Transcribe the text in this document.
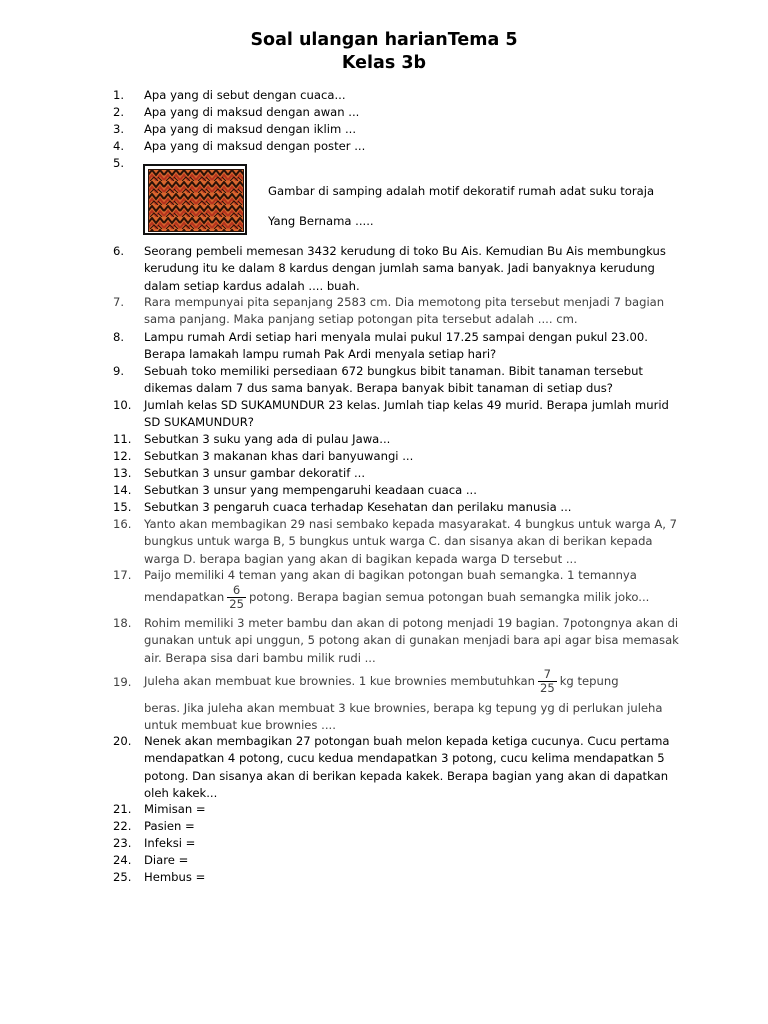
Soal ulangan harianTema 5
Kelas 3b
1. Apa yang di sebut dengan cuaca...
2. Apa yang di maksud dengan awan ...
3. Apa yang di maksud dengan iklim ...
4. Apa yang di maksud dengan poster ...
5.
6. Seorang pembeli memesan 3432 kerudung di toko Bu Ais. Kemudian Bu Ais membungkus kerudung itu ke dalam 8 kardus dengan jumlah sama banyak. Jadi banyaknya kerudung dalam setiap kardus adalah .... buah.
7. Rara mempunyai pita sepanjang 2583 cm. Dia memotong pita tersebut menjadi 7 bagian sama panjang. Maka panjang setiap potongan pita tersebut adalah .... cm.
8. Lampu rumah Ardi setiap hari menyala mulai pukul 17.25 sampai dengan pukul 23.00. Berapa lamakah lampu rumah Pak Ardi menyala setiap hari?
9. Sebuah toko memiliki persediaan 672 bungkus bibit tanaman. Bibit tanaman tersebut dikemas dalam 7 dus sama banyak. Berapa banyak bibit tanaman di setiap dus?
10. Jumlah kelas SD SUKAMUNDUR 23 kelas. Jumlah tiap kelas 49 murid. Berapa jumlah murid SD SUKAMUNDUR?
11. Sebutkan 3 suku yang ada di pulau Jawa...
12. Sebutkan 3 makanan khas dari banyuwangi ...
13. Sebutkan 3 unsur gambar dekoratif ...
14. Sebutkan 3 unsur yang mempengaruhi keadaan cuaca ...
15. Sebutkan 3 pengaruh cuaca terhadap Kesehatan dan perilaku manusia ...
16. Yanto akan membagikan 29 nasi sembako kepada masyarakat. 4 bungkus untuk warga A, 7 bungkus untuk warga B, 5 bungkus untuk warga C. dan sisanya akan di berikan kepada warga D. berapa bagian yang akan di bagikan kepada warga D tersebut ...
17. Paijo memiliki 4 teman yang akan di bagikan potongan buah semangka. 1 temannya
mendapatkan $\frac{6}{25}$ potong. Berapa bagian semua potongan buah semangka milik joko...
18. Rohim memiliki 3 meter bambu dan akan di potong menjadi 19 bagian. 7potongnya akan di gunakan untuk api unggun, 5 potong akan di gunakan menjadi bara api agar bisa memasak air. Berapa sisa dari bambu milik rudi ...
19. Juleha akan membuat kue brownies. 1 kue brownies membutuhkan $\frac{7}{25}$ kg tepung

beras. Jika juleha akan membuat 3 kue brownies, berapa kg tepung yg di perlukan juleha untuk membuat kue brownies ....
20. Nenek akan membagikan 27 potongan buah melon kepada ketiga cucunya. Cucu pertama mendapatkan 4 potong, cucu kedua mendapatkan 3 potong, cucu kelima mendapatkan 5 potong. Dan sisanya akan di berikan kepada kakek. Berapa bagian yang akan di dapatkan oleh kakek...
21. Mimisan =
22. Pasien =
23. Infeksi =
24. Diare =
25. Hembus =

Gambar di samping adalah motif dekoratif rumah adat suku toraja

Yang Bernama .....
